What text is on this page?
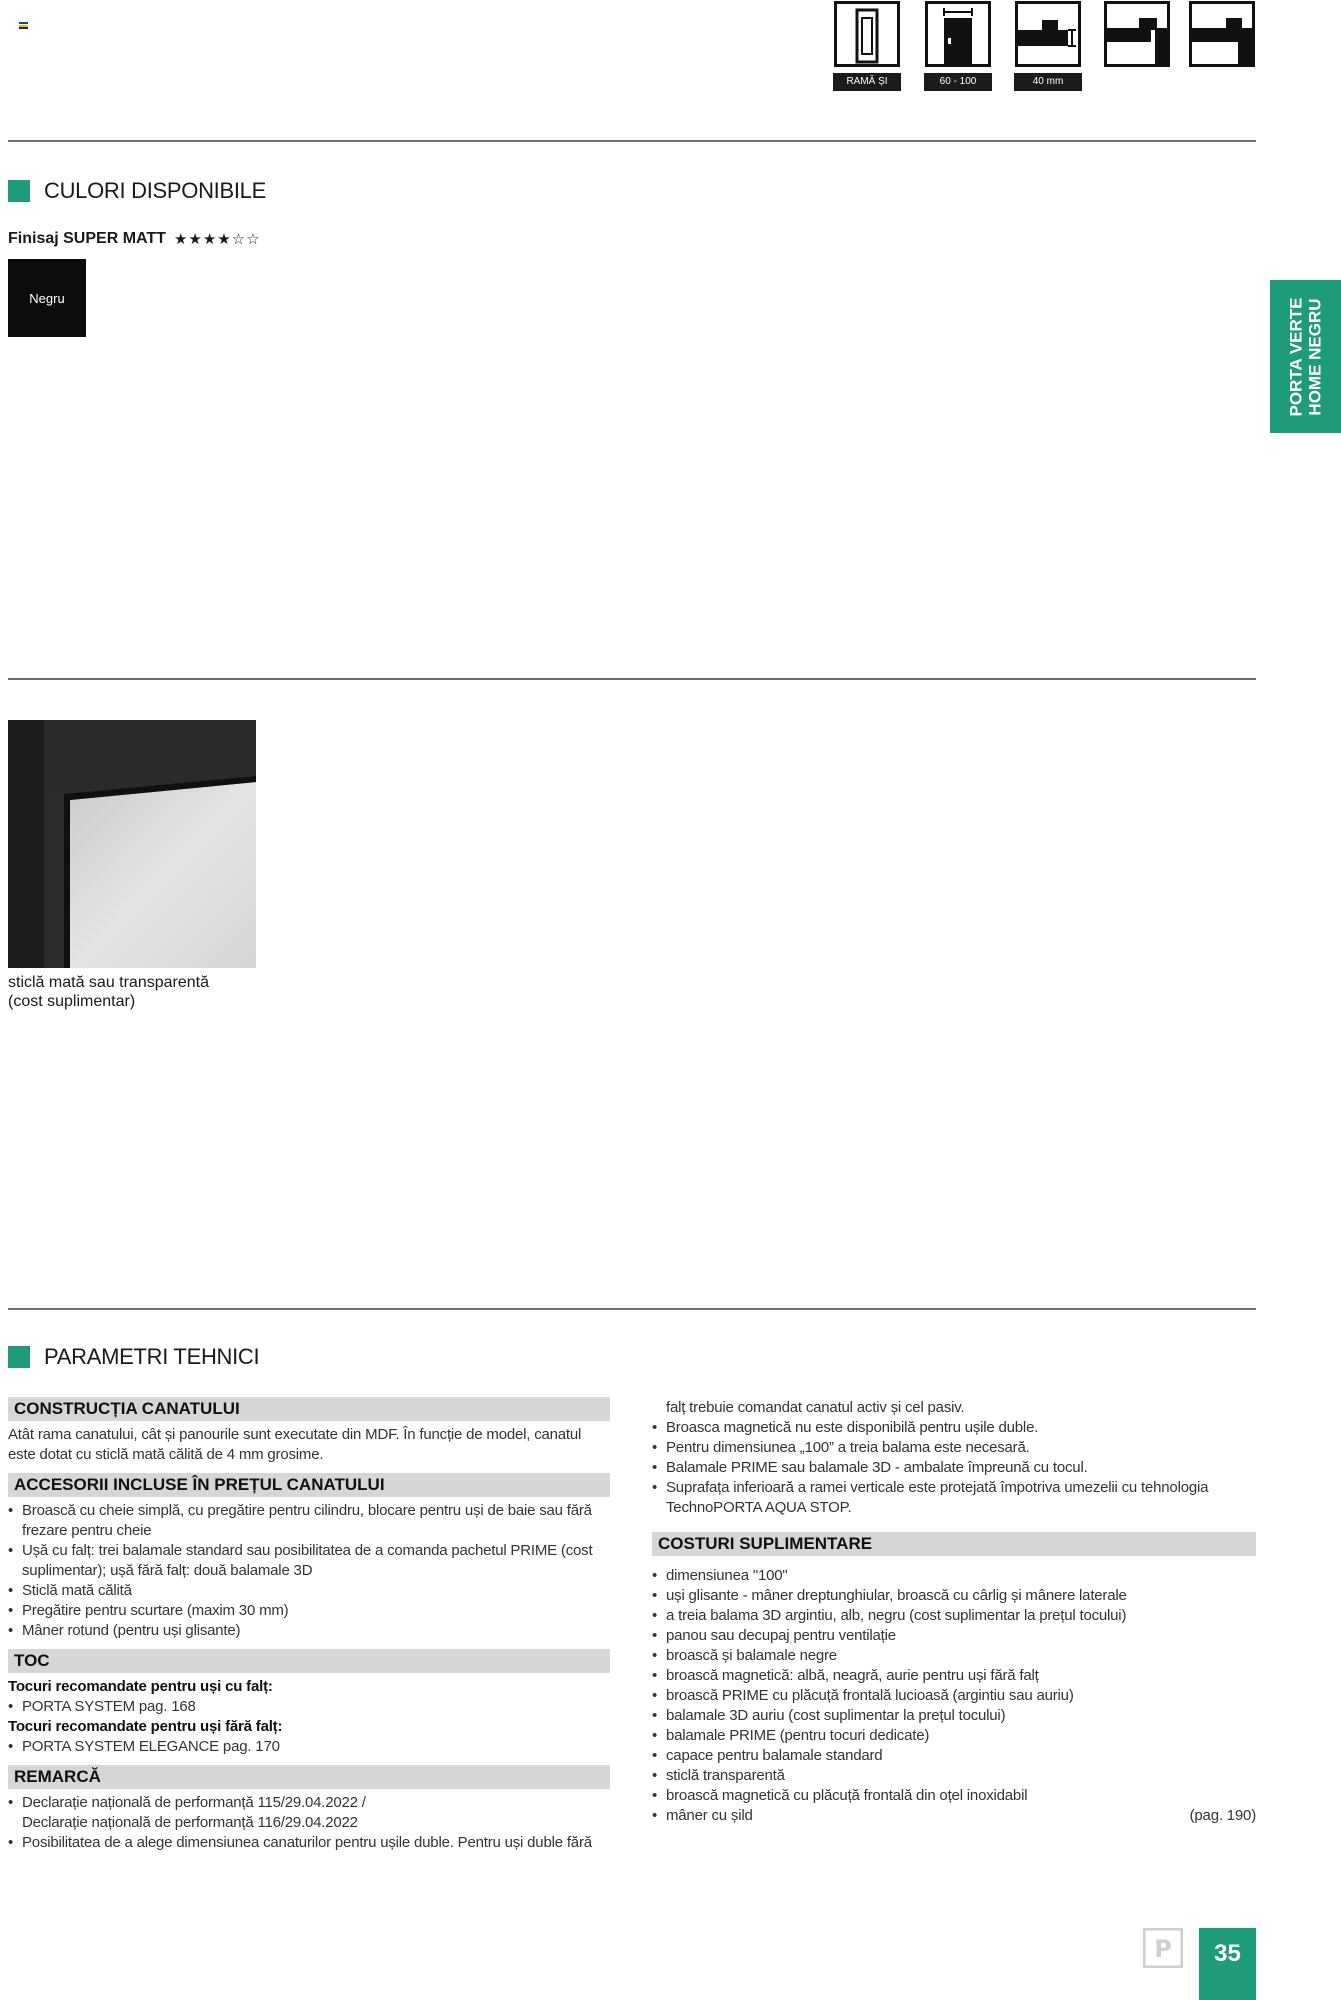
RAMĂ ȘI PANOU
60 - 100	40 mm
CULORI DISPONIBILE
Finisaj SUPER MATT ★★★★☆☆
Negru	PORTA VERTE HOME NEGRU
sticlă mată sau transparentă
(cost suplimentar)
PARAMETRI TEHNICI
CONSTRUCȚIA CANATULUI

Atât rama canatului, cât și panourile sunt executate din MDF. În funcție de model, canatul este dotat cu sticlă mată călită de 4 mm grosime.

ACCESORII INCLUSE ÎN PREȚUL CANATULUI
• Broască cu cheie simplă, cu pregătire pentru cilindru, blocare pentru uși de baie sau fără frezare pentru cheie
• Ușă cu falț: trei balamale standard sau posibilitatea de a comanda pachetul PRIME (cost suplimentar); ușă fără falț: două balamale 3D
• Sticlă mată călită
• Pregătire pentru scurtare (maxim 30 mm)
• Mâner rotund (pentru uși glisante)
TOC

Tocuri recomandate pentru uși cu falț:

• PORTA SYSTEM pag. 168

Tocuri recomandate pentru uși fără falț:

• PORTA SYSTEM ELEGANCE pag. 170
REMARCĂ
• Declarație națională de performanță 115/29.04.2022 / Declarație națională de performanță 116/29.04.2022
• Posibilitatea de a alege dimensiunea canaturilor pentru ușile duble. Pentru uși duble fără

falț trebuie comandat canatul activ și cel pasiv.

• Broasca magnetică nu este disponibilă pentru ușile duble.
• Pentru dimensiunea „100” a treia balama este necesară.
• Balamale PRIME sau balamale 3D - ambalate împreună cu tocul.
• Suprafața inferioară a ramei verticale este protejată împotriva umezelii cu tehnologia TechnoPORTA AQUA STOP.
COSTURI SUPLIMENTARE
• dimensiunea "100"
• uși glisante - mâner dreptunghiular, broască cu cârlig și mânere laterale
• a treia balama 3D argintiu, alb, negru (cost suplimentar la prețul tocului)
• panou sau decupaj pentru ventilație
• broască și balamale negre
• broască magnetică: albă, neagră, aurie pentru uși fără falț
• broască PRIME cu plăcuță frontală lucioasă (argintiu sau auriu)
• balamale 3D auriu (cost suplimentar la prețul tocului)
• balamale PRIME (pentru tocuri dedicate)
• capace pentru balamale standard
• sticlă transparentă
• broască magnetică cu plăcuță frontală din oțel inoxidabil
• mâner cu șild	(pag. 190)
P	35
